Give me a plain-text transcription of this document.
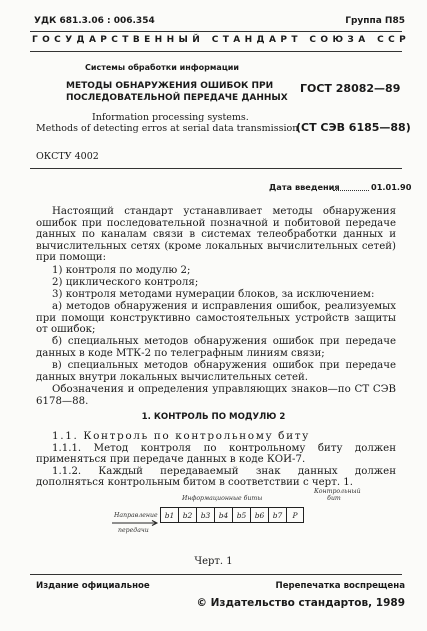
УДК 681.3.06 : 006.354	Группа П85
ГОСУДАРСТВЕННЫЙ СТАНДАРТ СОЮЗА ССР
Системы обработки информации
МЕТОДЫ ОБНАРУЖЕНИЯ ОШИБОК ПРИ
ПОСЛЕДОВАТЕЛЬНОЙ ПЕРЕДАЧЕ ДАННЫХ
ГОСТ 28082—89
Information processing systems.
Methods of detecting erros at serial data transmission
(СТ СЭВ 6185—88)
ОКСТУ 4002
Дата введения	01.01.90
Настоящий стандарт устанавливает методы обнаружения ошибок при последовательной позначной и побитовой передаче данных по каналам связи в системах телеобработки данных и вычислительных сетях (кроме локальных вычислительных сетей) при помощи:
1) контроля по модулю 2;
2) циклического контроля;
3) контроля методами нумерации блоков, за исключением:
а) методов обнаружения и исправления ошибок, реализуемых при помощи конструктивно самостоятельных устройств защиты от ошибок;
б) специальных методов обнаружения ошибок при передаче данных в коде МТК-2 по телеграфным линиям связи;
в) специальных методов обнаружения ошибок при передаче данных внутри локальных вычислительных сетей.
Обозначения и определения управляющих знаков—по СТ СЭВ 6178—88.
1. КОНТРОЛЬ ПО МОДУЛЮ 2
1.1. Контроль по контрольному биту
1.1.1. Метод контроля по контрольному биту должен применяться при передаче данных в коде КОИ-7.
1.1.2. Каждый передаваемый знак данных должен дополняться контрольным битом в соответствии с черт. 1.
Информационные биты
Контрольный бит
Направление
передачи
b1	b2	b3	b4	b5	b6	b7	P
Черт. 1
Издание официальное	Перепечатка воспрещена
© Издательство стандартов, 1989
